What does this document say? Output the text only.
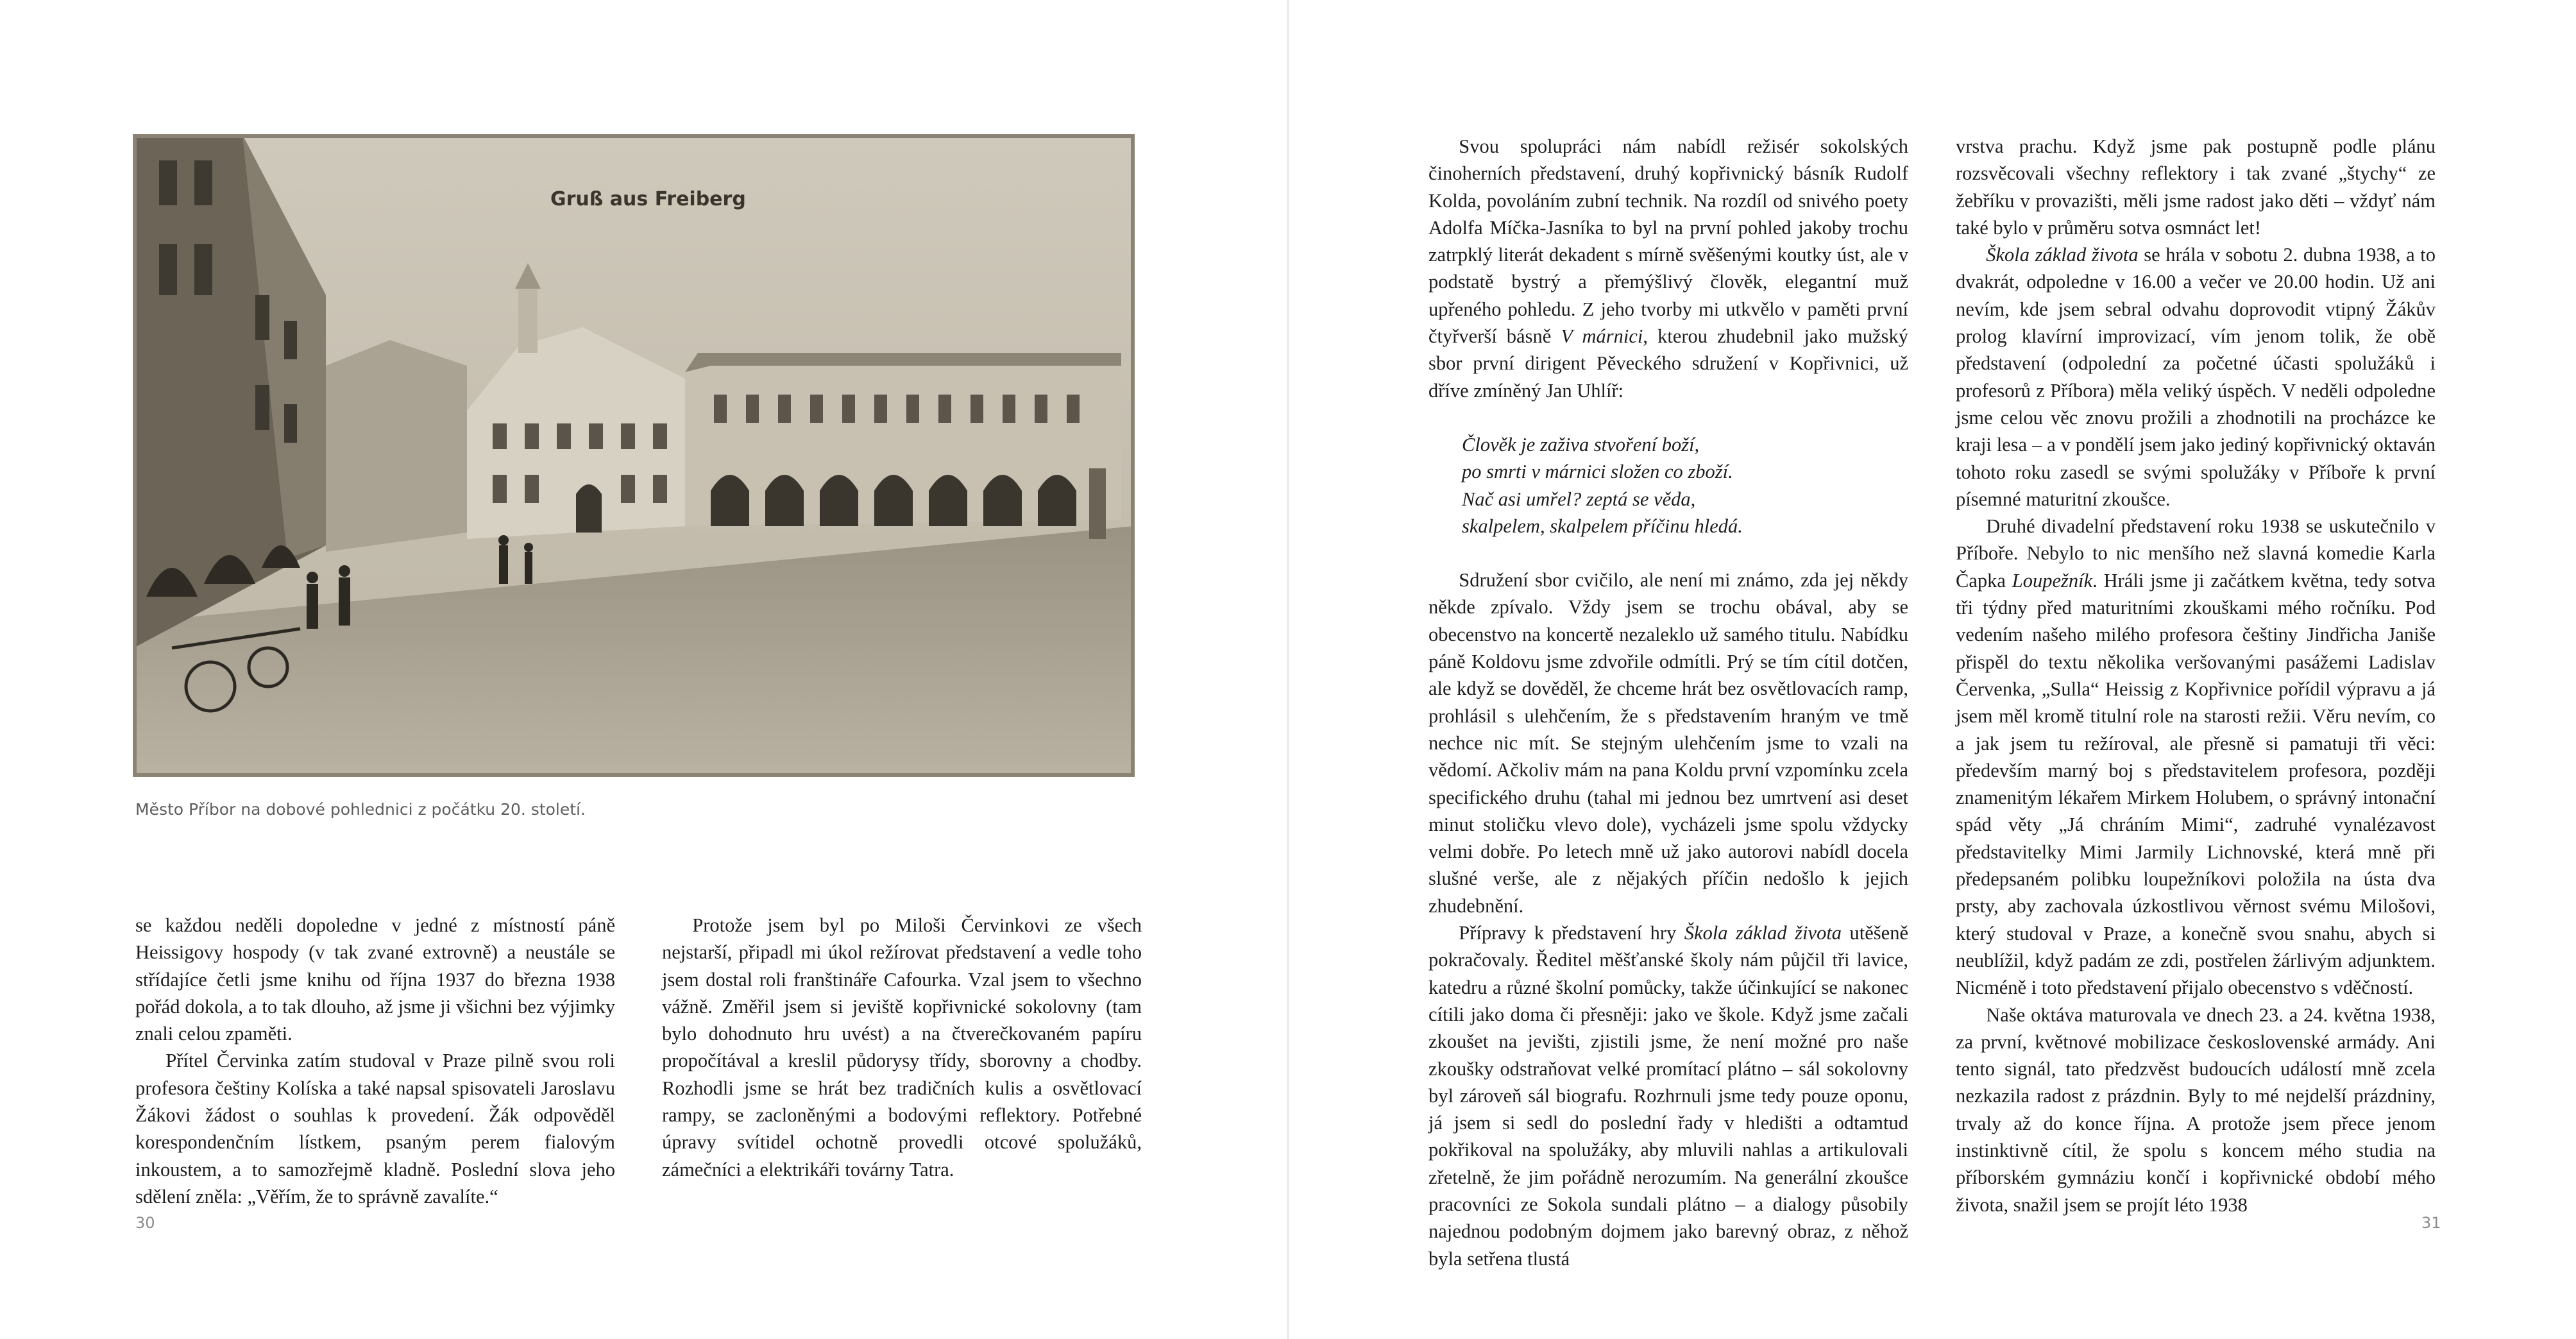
Gruß aus Freiberg
Město Příbor na dobové pohlednici z počátku 20. století.

se každou neděli dopoledne v jedné z místností páně Heissigovy hospody (v tak zvané extrovně) a neustále se střídajíce četli jsme knihu od října 1937 do března 1938 pořád dokola, a to tak dlouho, až jsme ji všichni bez výjimky znali celou zpaměti.

Přítel Červinka zatím studoval v Praze pilně svou roli profesora češtiny Kolíska a také napsal spisovateli Jaroslavu Žákovi žádost o souhlas k provedení. Žák odpověděl korespondenčním lístkem, psaným perem fialovým inkoustem, a to samozřejmě kladně. Poslední slova jeho sdělení zněla: „Věřím, že to správně zavalíte.“

Protože jsem byl po Miloši Červinkovi ze všech nejstarší, připadl mi úkol režírovat představení a vedle toho jsem dostal roli franštináře Cafourka. Vzal jsem to všechno vážně. Změřil jsem si jeviště kopřivnické sokolovny (tam bylo dohodnuto hru uvést) a na čtverečkovaném papíru propočítával a kreslil půdorysy třídy, sborovny a chodby. Rozhodli jsme se hrát bez tradičních kulis a osvětlovací rampy, se zacloněnými a bodovými reflektory. Potřebné úpravy svítidel ochotně provedli otcové spolužáků, zámečníci a elektrikáři továrny Tatra.

30

Svou spolupráci nám nabídl režisér sokolských činoherních představení, druhý kopřivnický básník Rudolf Kolda, povoláním zubní technik. Na rozdíl od snivého poety Adolfa Míčka-Jasníka to byl na první pohled jakoby trochu zatrpklý literát dekadent s mírně svěšenými koutky úst, ale v podstatě bystrý a přemýšlivý člověk, elegantní muž upřeného pohledu. Z jeho tvorby mi utkvělo v paměti první čtyřverší básně V márnici, kterou zhudebnil jako mužský sbor první dirigent Pěveckého sdružení v Kopřivnici, už dříve zmíněný Jan Uhlíř:

Člověk je zaživa stvoření boží,
po smrti v márnici složen co zboží.
Nač asi umřel? zeptá se věda,
skalpelem, skalpelem příčinu hledá.

Sdružení sbor cvičilo, ale není mi známo, zda jej někdy někde zpívalo. Vždy jsem se trochu obával, aby se obecenstvo na koncertě nezaleklo už samého titulu. Nabídku páně Koldovu jsme zdvořile odmítli. Prý se tím cítil dotčen, ale když se dověděl, že chceme hrát bez osvětlovacích ramp, prohlásil s ulehčením, že s představením hraným ve tmě nechce nic mít. Se stejným ulehčením jsme to vzali na vědomí. Ačkoliv mám na pana Koldu první vzpomínku zcela specifického druhu (tahal mi jednou bez umrtvení asi deset minut stoličku vlevo dole), vycházeli jsme spolu vždycky velmi dobře. Po letech mně už jako autorovi nabídl docela slušné verše, ale z nějakých příčin nedošlo k jejich zhudebnění.

Přípravy k představení hry Škola základ života utěšeně pokračovaly. Ředitel měšťanské školy nám půjčil tři lavice, katedru a různé školní pomůcky, takže účinkující se nakonec cítili jako doma či přesněji: jako ve škole. Když jsme začali zkoušet na jevišti, zjistili jsme, že není možné pro naše zkoušky odstraňovat velké promítací plátno – sál sokolovny byl zároveň sál biografu. Rozhrnuli jsme tedy pouze oponu, já jsem si sedl do poslední řady v hledišti a odtamtud pokřikoval na spolužáky, aby mluvili nahlas a artikulovali zřetelně, že jim pořádně nerozumím. Na generální zkoušce pracovníci ze Sokola sundali plátno – a dialogy působily najednou podobným dojmem jako barevný obraz, z něhož byla setřena tlustá

vrstva prachu. Když jsme pak postupně podle plánu rozsvěcovali všechny reflektory i tak zvané „štychy“ ze žebříku v provazišti, měli jsme radost jako děti – vždyť nám také bylo v průměru sotva osmnáct let!

Škola základ života se hrála v sobotu 2. dubna 1938, a to dvakrát, odpoledne v 16.00 a večer ve 20.00 hodin. Už ani nevím, kde jsem sebral odvahu doprovodit vtipný Žákův prolog klavírní improvizací, vím jenom tolik, že obě představení (odpolední za početné účasti spolužáků i profesorů z Příbora) měla veliký úspěch. V neděli odpoledne jsme celou věc znovu prožili a zhodnotili na procházce ke kraji lesa – a v pondělí jsem jako jediný kopřivnický oktaván tohoto roku zasedl se svými spolužáky v Příboře k první písemné maturitní zkoušce.

Druhé divadelní představení roku 1938 se uskutečnilo v Příboře. Nebylo to nic menšího než slavná komedie Karla Čapka Loupežník. Hráli jsme ji začátkem května, tedy sotva tři týdny před maturitními zkouškami mého ročníku. Pod vedením našeho milého profesora češtiny Jindřicha Janiše přispěl do textu několika veršovanými pasážemi Ladislav Červenka, „Sulla“ Heissig z Kopřivnice pořídil výpravu a já jsem měl kromě titulní role na starosti režii. Věru nevím, co a jak jsem tu režíroval, ale přesně si pamatuji tři věci: především marný boj s představitelem profesora, později znamenitým lékařem Mirkem Holubem, o správný intonační spád věty „Já chráním Mimi“, zadruhé vynalézavost představitelky Mimi Jarmily Lichnovské, která mně při předepsaném polibku loupežníkovi položila na ústa dva prsty, aby zachovala úzkostlivou věrnost svému Milošovi, který studoval v Praze, a konečně svou snahu, abych si neublížil, když padám ze zdi, postřelen žárlivým adjunktem. Nicméně i toto představení přijalo obecenstvo s vděčností.

Naše oktáva maturovala ve dnech 23. a 24. května 1938, za první, květnové mobilizace československé armády. Ani tento signál, tato předzvěst budoucích událostí mně zcela nezkazila radost z prázdnin. Byly to mé nejdelší prázdniny, trvaly až do konce října. A protože jsem přece jenom instinktivně cítil, že spolu s koncem mého studia na příborském gymnáziu končí i kopřivnické období mého života, snažil jsem se projít léto 1938

31
